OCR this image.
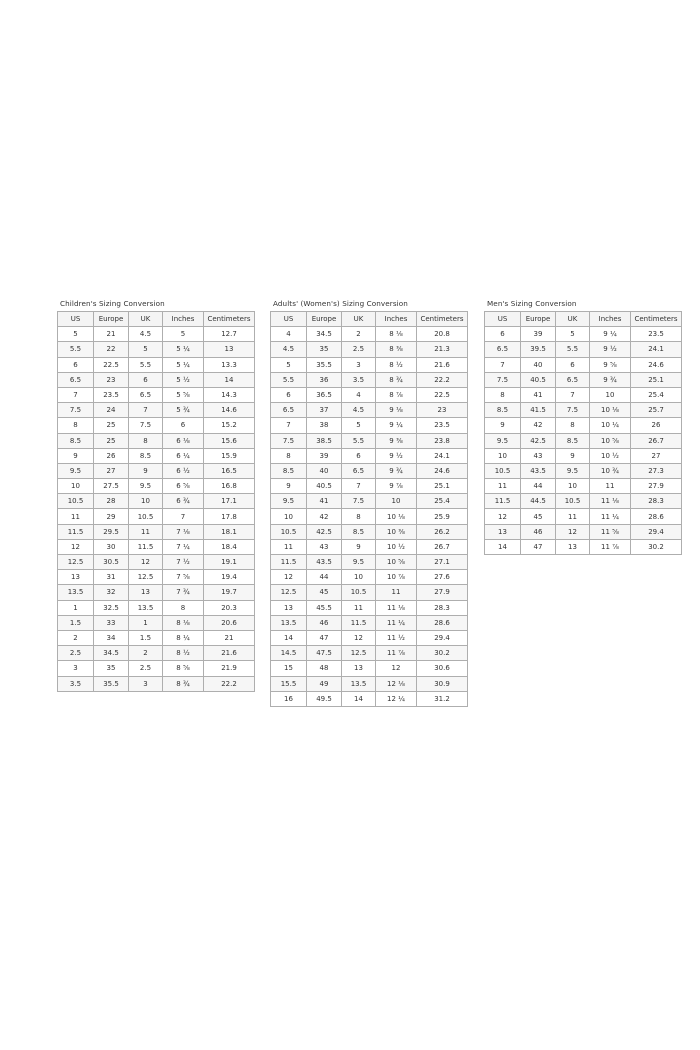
Children's Sizing Conversion
US	Europe	UK	Inches	Centimeters
5	21	4.5	5	12.7
5.5	22	5	5 ¼	13
6	22.5	5.5	5 ¼	13.3
6.5	23	6	5 ½	14
7	23.5	6.5	5 ⅝	14.3
7.5	24	7	5 ¾	14.6
8	25	7.5	6	15.2
8.5	25	8	6 ⅛	15.6
9	26	8.5	6 ¼	15.9
9.5	27	9	6 ½	16.5
10	27.5	9.5	6 ⅝	16.8
10.5	28	10	6 ¾	17.1
11	29	10.5	7	17.8
11.5	29.5	11	7 ⅛	18.1
12	30	11.5	7 ¼	18.4
12.5	30.5	12	7 ½	19.1
13	31	12.5	7 ⅝	19.4
13.5	32	13	7 ¾	19.7
1	32.5	13.5	8	20.3
1.5	33	1	8 ⅛	20.6
2	34	1.5	8 ¼	21
2.5	34.5	2	8 ½	21.6
3	35	2.5	8 ⅝	21.9
3.5	35.5	3	8 ¾	22.2
Adults' (Women's) Sizing Conversion
US	Europe	UK	Inches	Centimeters
4	34.5	2	8 ⅛	20.8
4.5	35	2.5	8 ⅜	21.3
5	35.5	3	8 ½	21.6
5.5	36	3.5	8 ¾	22.2
6	36.5	4	8 ⅞	22.5
6.5	37	4.5	9 ⅛	23
7	38	5	9 ¼	23.5
7.5	38.5	5.5	9 ⅜	23.8
8	39	6	9 ½	24.1
8.5	40	6.5	9 ¾	24.6
9	40.5	7	9 ⅞	25.1
9.5	41	7.5	10	25.4
10	42	8	10 ⅛	25.9
10.5	42.5	8.5	10 ⅜	26.2
11	43	9	10 ½	26.7
11.5	43.5	9.5	10 ⅝	27.1
12	44	10	10 ⅞	27.6
12.5	45	10.5	11	27.9
13	45.5	11	11 ⅛	28.3
13.5	46	11.5	11 ¼	28.6
14	47	12	11 ½	29.4
14.5	47.5	12.5	11 ⅞	30.2
15	48	13	12	30.6
15.5	49	13.5	12 ⅛	30.9
16	49.5	14	12 ¼	31.2
Men's Sizing Conversion
US	Europe	UK	Inches	Centimeters
6	39	5	9 ¼	23.5
6.5	39.5	5.5	9 ½	24.1
7	40	6	9 ⅝	24.6
7.5	40.5	6.5	9 ¾	25.1
8	41	7	10	25.4
8.5	41.5	7.5	10 ⅛	25.7
9	42	8	10 ¼	26
9.5	42.5	8.5	10 ⅝	26.7
10	43	9	10 ½	27
10.5	43.5	9.5	10 ¾	27.3
11	44	10	11	27.9
11.5	44.5	10.5	11 ⅛	28.3
12	45	11	11 ¼	28.6
13	46	12	11 ⅝	29.4
14	47	13	11 ⅞	30.2
